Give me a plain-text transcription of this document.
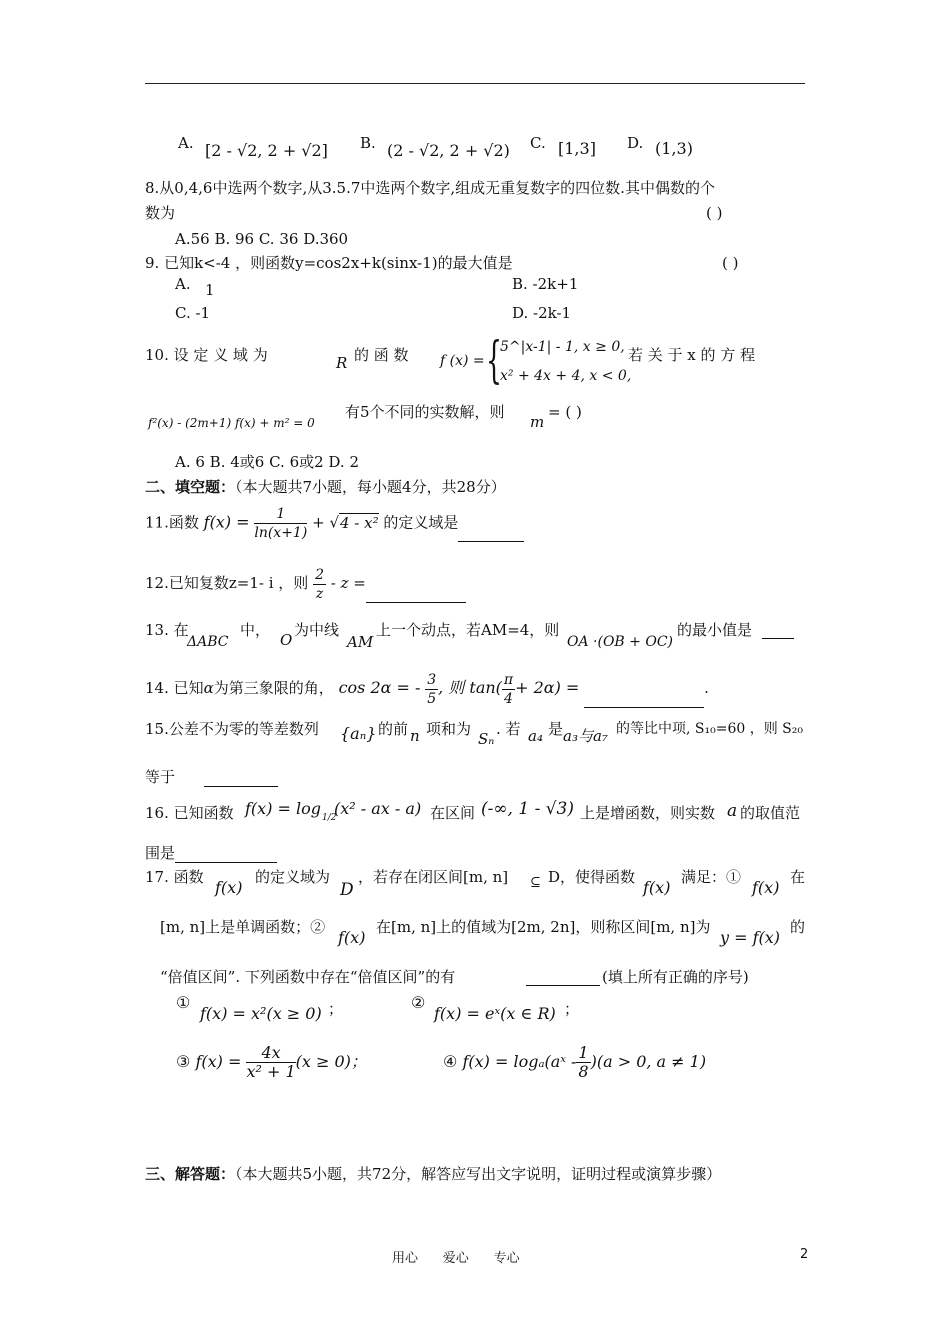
A. [2 - √2, 2 + √2] B. (2 - √2, 2 + √2) C. [1,3] D. (1,3)
8.从0,4,6中选两个数字,从3.5.7中选两个数字,组成无重复数字的四位数.其中偶数的个
数为	( )
A.56 B. 96 C. 36 D.360
9. 已知k<-4 ，则函数y=cos2x+k(sinx-1)的最大值是	( )
A. 1	B. -2k+1
C. -1	D. -2k-1
10. 设 定 义 域 为	R 的 函 数 f (x) = {
5^|x-1| - 1, x ≥ 0,
x² + 4x + 4, x < 0,
若 关 于 x 的 方 程
f²(x) - (2m+1) f(x) + m² = 0
有5个不同的实数解，则
m
= ( )
A. 6 B. 4或6 C. 6或2 D. 2
二、填空题：（本大题共7小题，每小题4分，共28分）
11.函数 $f(x) = \frac{1}{\ln(x+1)} + √4 - x^2$ 的定义域是
12.已知复数z=1- i ，则 $\frac{2}{z}$ - z =
13. 在
ΔABC
中，
O
为中线
AM
上一个动点，若AM=4，则
OA ·(OB + OC)
的最小值是
14. 已知α为第三象限的角， cos 2α = - $\frac{3}{5}$ , 则 $\tan( \frac{\pi}{4} + 2\alpha)$ =	.
15.公差不为零的等差数列 {aₙ} 的前 n 项和为
Sₙ
. 若 a₄ 是 a₃与a₇ 的等比中项, S₁₀=60 ，则 S₂₀
等于
16. 已知函数 f(x) = log 1/2
(x² - ax - a) 在区间 (-∞, 1 - √3) 上是增函数，则实数 a 的取值范
围是
17. 函数
f(x)
的定义域为
D
，若存在闭区间[m, n] ⊆ D，使得函数
f(x)
满足：①
f(x)
在
[m, n]上是单调函数；②
f(x)
在[m, n]上的值域为[2m, 2n]，则称区间[m, n]为
y = f(x)
的
“倍值区间”. 下列函数中存在“倍值区间”的有	(填上所有正确的序号)
①
f(x) = x²(x ≥ 0) ；	②
f(x) = eˣ(x ∈ R) ；
③ $f(x) = \frac{4x}{\text{x² + 1}} (x \ge 0)$；	④ f(x) = logₐ(aˣ - $\frac{1}{8} )(a > 0$, a ≠ 1)
三、解答题：（本大题共5小题，共72分，解答应写出文字说明，证明过程或演算步骤）
用心      爱心      专心	2
